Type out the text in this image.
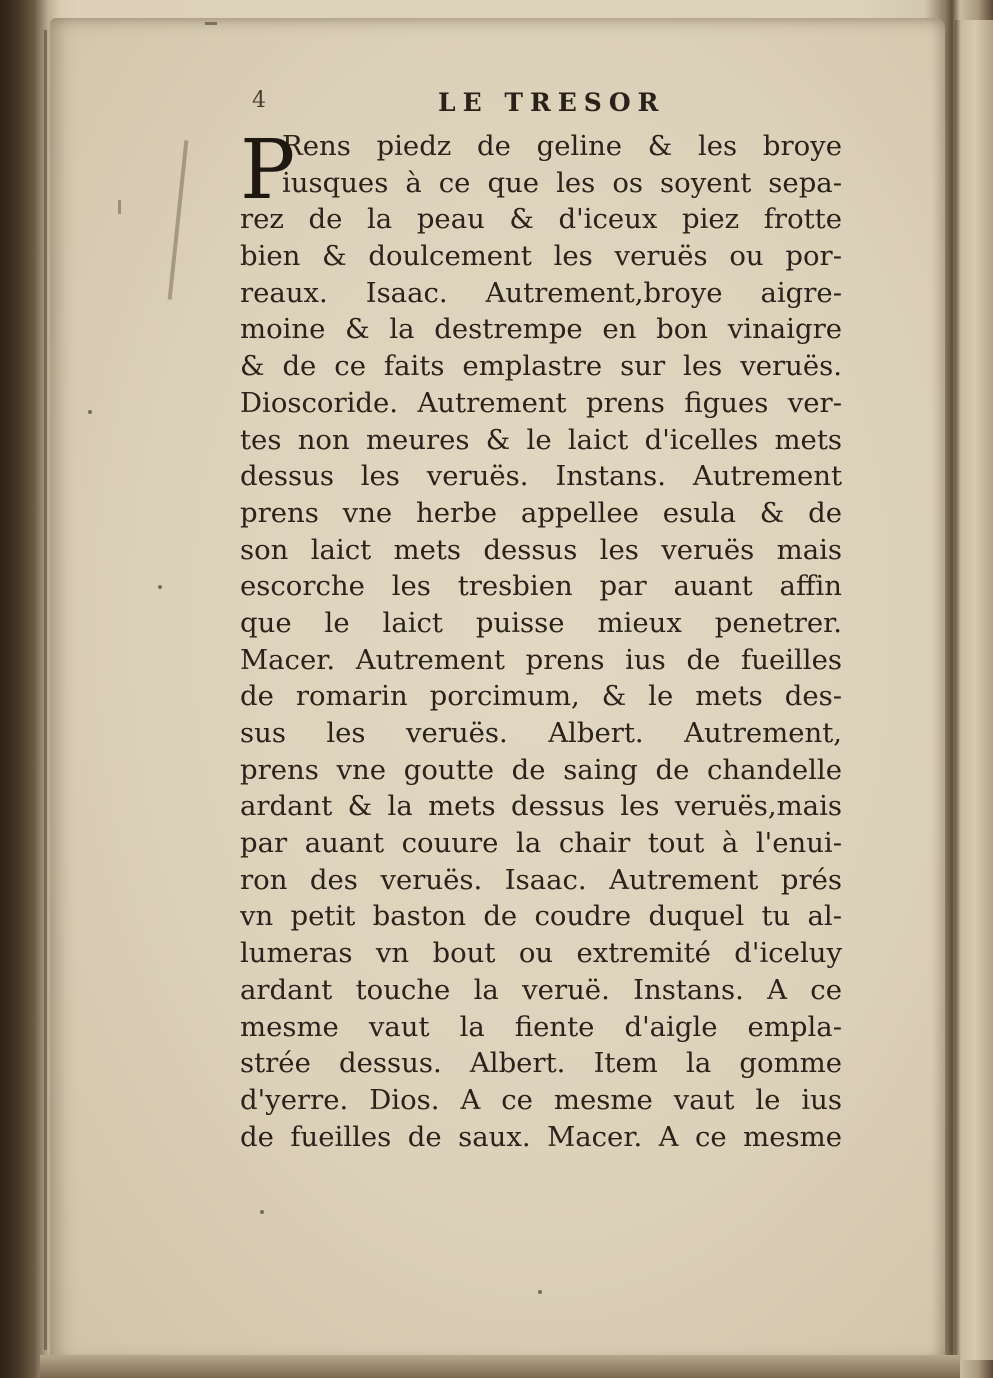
4	LE TRESOR
P
Rens piedz de geline & les broye
iusques à ce que les os soyent sepa-
rez de la peau & d'iceux piez frotte
bien & doulcement les veruës ou por-
reaux. Isaac. Autrement,broye aigre-
moine & la destrempe en bon vinaigre
& de ce faits emplastre sur les veruës.
Dioscoride. Autrement prens figues ver-
tes non meures & le laict d'icelles mets
dessus les veruës. Instans. Autrement
prens vne herbe appellee esula & de
son laict mets dessus les veruës mais
escorche les tresbien par auant affin
que le laict puisse mieux penetrer.
Macer. Autrement prens ius de fueilles
de romarin porcimum, & le mets des-
sus les veruës. Albert. Autrement,
prens vne goutte de saing de chandelle
ardant & la mets dessus les veruës,mais
par auant couure la chair tout à l'enui-
ron des veruës. Isaac. Autrement prés
vn petit baston de coudre duquel tu al-
lumeras vn bout ou extremité d'iceluy
ardant touche la veruë. Instans. A ce
mesme vaut la fiente d'aigle empla-
strée dessus. Albert. Item la gomme
d'yerre. Dios. A ce mesme vaut le ius
de fueilles de saux. Macer. A ce mesme
